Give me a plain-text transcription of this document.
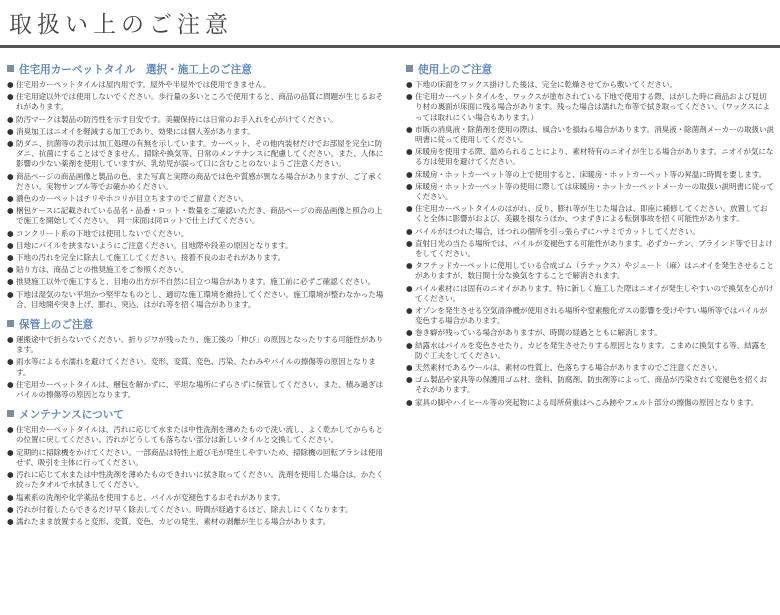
取扱い上のご注意
住宅用カーペットタイル　選択・施工上のご注意
● 住宅用カーペットタイルは屋内用です。屋外や半屋外では使用できません。
● 住宅用途以外では使用しないでください。歩行量の多いところで使用すると、商品の品質に問題が生じるおそれがあります。
● 防汚マークは製品の防汚性を示す目安です。美観保持には日常のお手入れを心がけてください。
● 消臭加工はニオイを軽減する加工であり、効果には個人差があります。
● 防ダニ、抗菌等の表示は加工処理の有無を示しています。カーペット、その他内装材だけでお部屋を完全に防ダニ、抗菌にすることはできません。掃除や換気等、日常のメンテナンスに配慮してください。また、人体に影響の少ない薬剤を使用していますが、乳幼児が誤って口に含むことのないようご注意ください。
● 商品ページの商品画像と製品の色、また写真と実際の商品では色や質感が異なる場合がありますが、ご了承ください。実物サンプル等でお確かめください。
● 濃色のカーペットはチリやホコリが目立ちますのでご留意ください。
● 梱包ケースに記載されている品名・品番・ロット・数量をご確認いただき、商品ページの商品画像と照合の上で施工を開始してください。　同一床面は同ロットで仕上げてください。
● コンクリート系の下地では使用しないでください。
● 目地にパイルを挟まないようにご注意ください。目地際や段差の原因となります。
● 下地の汚れを完全に除去して施工してください。接着不良のおそれがあります。
● 貼り方は、商品ごとの推奨施工をご参照ください。
● 推奨施工以外で施工すると、目地の出方が不自然に目立つ場合があります。施工前に必ずご確認ください。
● 下地は湿気のない平坦かつ堅牢なものとし、適切な施工環境を維持してください。施工環境が整わなかった場合、目地開や突き上げ、膨れ、突込、はがれ等を招く場合があります。
保管上のご注意
● 運搬途中で折らないでください。折りジワが残ったり、施工後の「伸び」の原因となったりする可能性があります。
● 雨水等による水濡れを避けてください。変形、変質、変色、汚染、たわみやパイルの擦傷等の原因となります。
● 住宅用カーペットタイルは、梱包を解かずに、平坦な場所にずらさずに保管してください。また、積み過ぎはパイルの擦傷等の原因となります。
メンテナンスについて
● 住宅用カーペットタイルは、汚れに応じて水または中性洗剤を薄めたもので洗い流し、よく乾かしてからもとの位置に戻してください。汚れがどうしても落ちない部分は新しいタイルと交換してください。
● 定期的に掃除機をかけてください。一部商品は特性上遊び毛が発生しやすいため、掃除機の回転ブラシは使用せず、吸引を主体に行ってください。
● 汚れに応じて水または中性洗剤を薄めたものできれいに拭き取ってください。洗剤を使用した場合は、かたく絞ったタオルで水拭きしてください。
● 塩素系の洗剤や化学薬品を使用すると、パイルが変褪色するおそれがあります。
● 汚れが付着したらできるだけ早く除去してください。時間が経過するほど、除去しにくくなります。
● 濡れたまま放置すると変形、変質、変色、カビの発生、素材の剥離が生じる場合があります。
使用上のご注意
● 下地の床面をワックス掛けした後は、完全に乾燥させてから敷いてください。
● 住宅用カーペットタイルを、ワックスが塗布されている下地で使用する際、はがした時に商品および見切り材の裏面が床面に残る場合があります。残った場合は濡れた布等で拭き取ってください。（ワックスによっては取れにくい場合もあります。）
● 市販の消臭液・除菌剤を使用の際は、風合いを損ねる場合があります。消臭液・除菌剤メーカーの取扱い説明書に従って使用してください。
● 床暖房を使用する際、温められることにより、素材特有のニオイが生じる場合があります。ニオイが気になる方は使用を避けてください。
● 床暖房・ホットカーペット等の上で使用すると、床暖房・ホットカーペット等の昇温に時間を要します。
● 床暖房・ホットカーペット等の使用に際しては床暖房・ホットカーペットメーカーの取扱い説明書に従ってください。
● 住宅用カーペットタイルのはがれ、反り、膨れ等が生じた場合は、即座に補修してください。放置しておくと全体に影響がおよび、美観を損なうほか、つまずきによる転倒事故を招く可能性があります。
● パイルがほつれた場合、ほつれの個所を引っ張らずにハサミでカットしてください。
● 直射日光の当たる場所では、パイルが変褪色する可能性があります。必ずカーテン、ブラインド等で日よけをしてください。
● タフテッドカーペットに使用している合成ゴム（ラテックス）やジュート（麻）はニオイを発生させることがありますが、数日間十分な換気をすることで解消されます。
● パイル素材には固有のニオイがあります。特に新しく施工した際はニオイが発生しやすいので換気を心がけてください。
● オゾンを発生させる空気清浄機が使用される場所や窒素酸化ガスの影響を受けやすい場所等ではパイルが変色する場合があります。
● 巻き癖が残っている場合がありますが、時間の経過とともに解消します。
● 結露水はパイルを変色させたり、カビを発生させたりする原因となります。こまめに換気する等、結露を防ぐ工夫をしてください。
● 天然素材であるウールは、素材の性質上、色落ちする場合がありますのでご注意ください。
● ゴム製品や家具等の保護用ゴム材、塗料、防腐剤、防虫剤等によって、商品が汚染されて変褪色を招くおそれがあります。
● 家具の脚やハイヒール等の突起物による局所荷重はへこみ跡やフェルト部分の擦傷の原因となります。
